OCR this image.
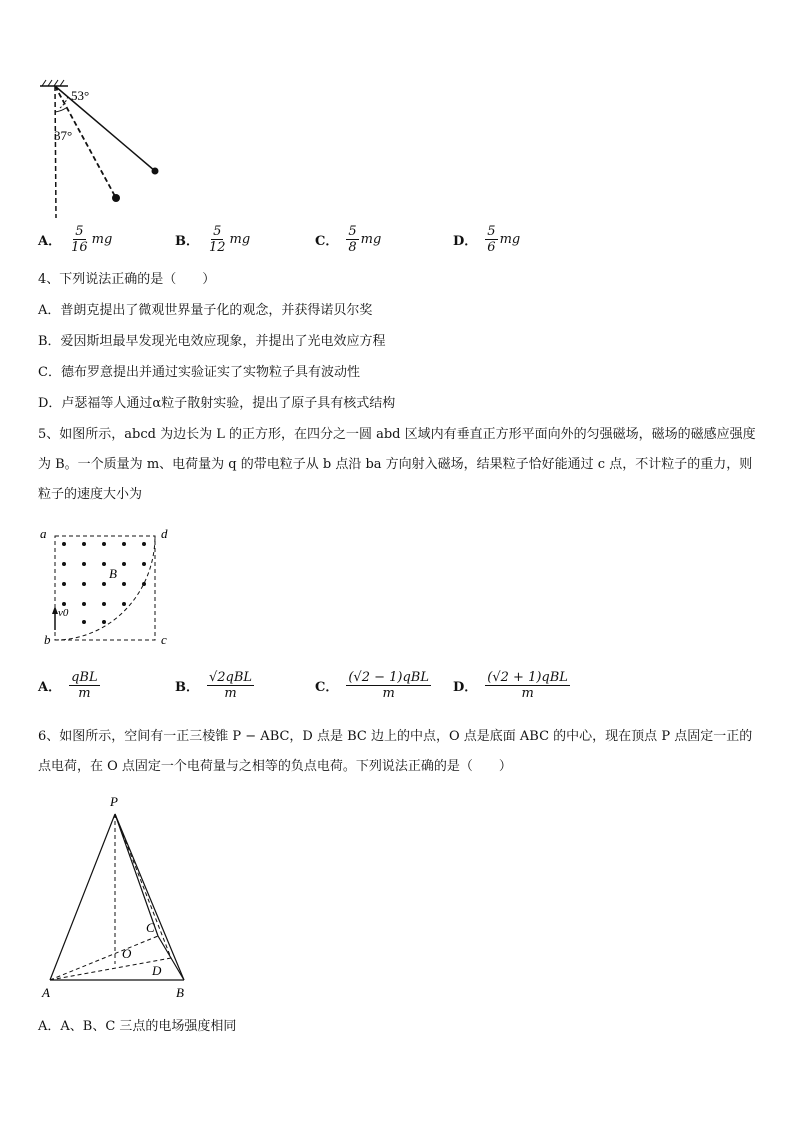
53°
37°
A． $\frac{5}{16}$ mg	B． $\frac{5}{12}$ mg	C． $\frac{5}{8}$ mg	D． $\frac{5}{6}$ mg
4、下列说法正确的是（　　）
A．普朗克提出了微观世界量子化的观念，并获得诺贝尔奖
B．爱因斯坦最早发现光电效应现象，并提出了光电效应方程
C．德布罗意提出并通过实验证实了实物粒子具有波动性
D．卢瑟福等人通过α粒子散射实验，提出了原子具有核式结构
5、如图所示，abcd 为边长为 L 的正方形，在四分之一圆 abd 区域内有垂直正方形平面向外的匀强磁场，磁场的磁感应强度为 B。一个质量为 m、电荷量为 q 的带电粒子从 b 点沿 ba 方向射入磁场，结果粒子恰好能通过 c 点，不计粒子的重力，则粒子的速度大小为
a	d
b	c
B
v0
A． $\frac{\text{qBL}}{m}$	B． $\frac{\text{√2qBL}}{m}$	C． $\frac{\text{(√2 − 1)qBL}}{m}$ D． $\frac{\text{(√2 + 1)qBL}}{m}$
6、如图所示，空间有一正三棱锥 P − ABC，D 点是 BC 边上的中点，O 点是底面 ABC 的中心，现在顶点 P 点固定一正的点电荷，在 O 点固定一个电荷量与之相等的负点电荷。下列说法正确的是（　　）
P
A	B
C
D
O
A．A、B、C 三点的电场强度相同
